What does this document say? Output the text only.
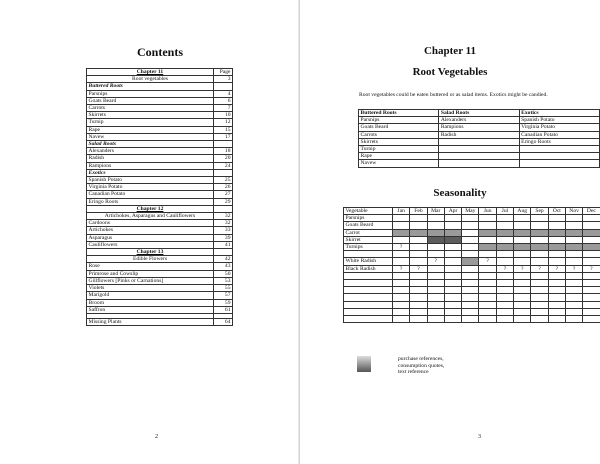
Contents
Chapter 11	Page
Root vegetables	3
Buttered Roots	
Parsnips	4
Goats Beard	6
Carrots	7
Skirrets	10
Turnip	12
Rape	15
Navew	17
Salad Roots	
Alexanders	18
Radish	20
Rampions	24
Exotics	
Spanish Potato	25
Virginia Potato	26
Canadian Potato	27
Eringo Roots	29
Chapter 12	
Artichokes, Asparagus and Cauliflowers	32
Cardoons	32
Artichokes	33
Asparagus	39
Cauliflowers	41
Chapter 13	
Edible Flowers	42
Rose	43
Primrose and Cowslip	50
Gillflowers [Pinks or Carnations]	53
Violets	55
Marigold	57
Broom	59
Saffron	61

Missing Plants	64
2
Chapter 11
Root Vegetables
Root vegetables could be eaten buttered or as salad items. Exotics might be candied.
Buttered Roots	Salad Roots	Exotics
Parsnips	Alexanders	Spanish Potato
Goats Beard	Rampions	Virginia Potato
Carrots	Radish	Canadian Potato
Skirrets		Eringo Roots
Turnip		
Rape		
Navew		
Seasonality
Vegetable	Jan	Feb	Mar	Apr	May	Jun	Jul	Aug	Sep	Oct	Nov	Dec
Parsnips												
Goats Beard												
Carrot												
Skirret												
Turnips	?											

White Radish			?			?						
Black Radish	?	?					?	?	?	?	?	?

purchase references,
consumption quotes,
text reference
3
